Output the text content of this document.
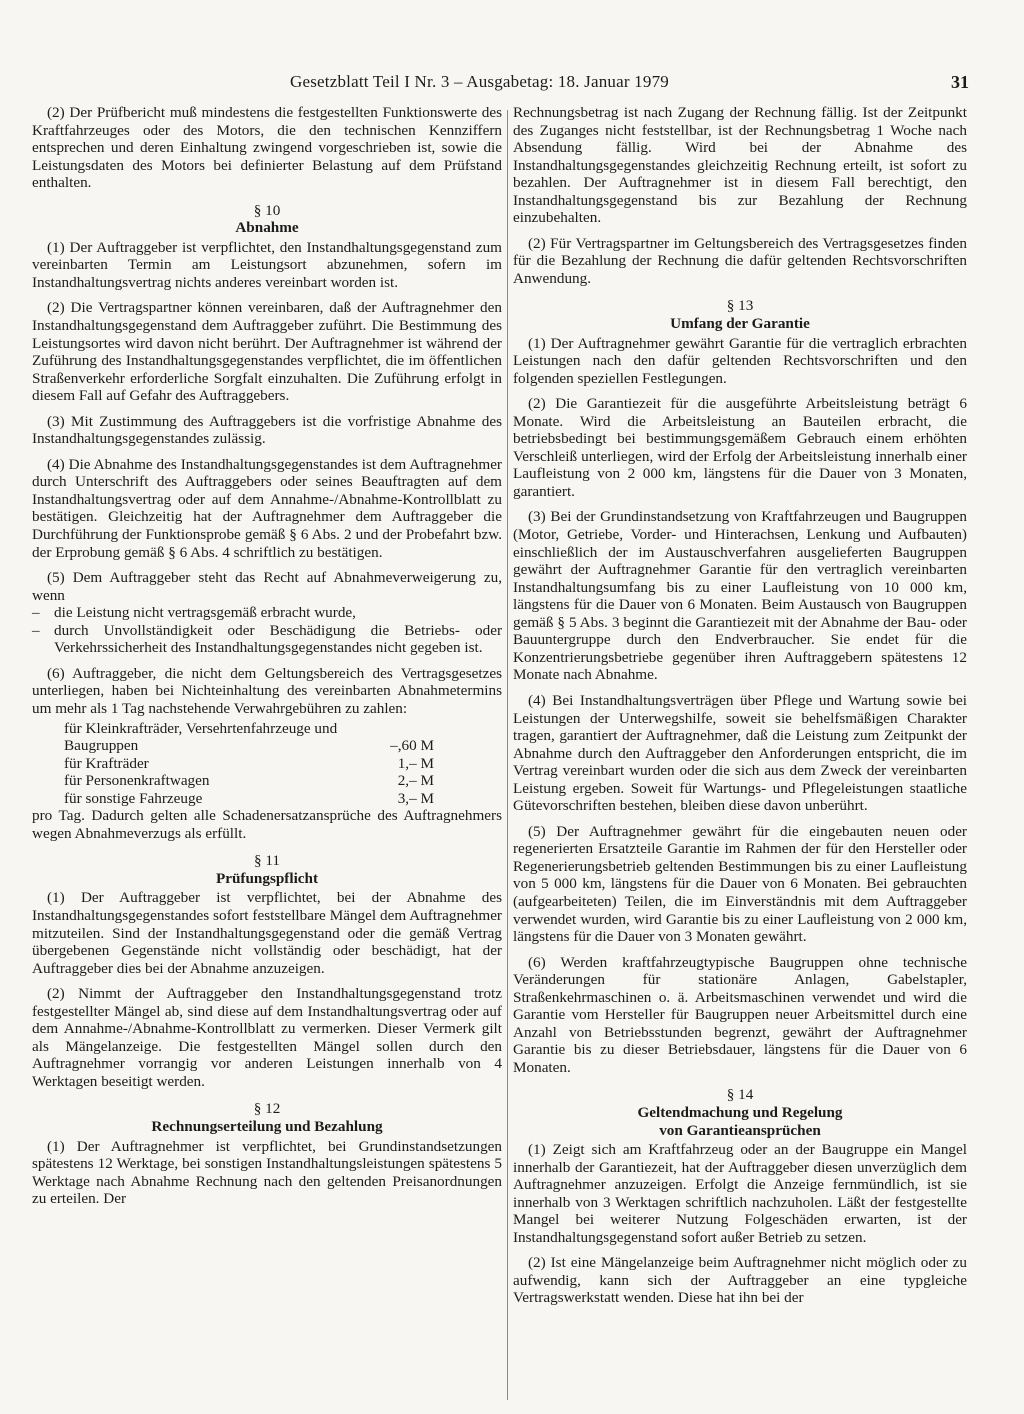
Gesetzblatt Teil I Nr. 3 – Ausgabetag: 18. Januar 1979	31

(2) Der Prüfbericht muß mindestens die festgestellten Funktionswerte des Kraftfahrzeuges oder des Motors, die den technischen Kennziffern entsprechen und deren Einhaltung zwingend vorgeschrieben ist, sowie die Leistungsdaten des Motors bei definierter Belastung auf dem Prüfstand enthalten.

§ 10
Abnahme

(1) Der Auftraggeber ist verpflichtet, den Instandhaltungsgegenstand zum vereinbarten Termin am Leistungsort abzunehmen, sofern im Instandhaltungsvertrag nichts anderes vereinbart worden ist.

(2) Die Vertragspartner können vereinbaren, daß der Auftragnehmer den Instandhaltungsgegenstand dem Auftraggeber zuführt. Die Bestimmung des Leistungsortes wird davon nicht berührt. Der Auftragnehmer ist während der Zuführung des Instandhaltungsgegenstandes verpflichtet, die im öffentlichen Straßenverkehr erforderliche Sorgfalt einzuhalten. Die Zuführung erfolgt in diesem Fall auf Gefahr des Auftraggebers.

(3) Mit Zustimmung des Auftraggebers ist die vorfristige Abnahme des Instandhaltungsgegenstandes zulässig.

(4) Die Abnahme des Instandhaltungsgegenstandes ist dem Auftragnehmer durch Unterschrift des Auftraggebers oder seines Beauftragten auf dem Instandhaltungsvertrag oder auf dem Annahme-/Abnahme-Kontrollblatt zu bestätigen. Gleichzeitig hat der Auftragnehmer dem Auftraggeber die Durchführung der Funktionsprobe gemäß § 6 Abs. 2 und der Probefahrt bzw. der Erprobung gemäß § 6 Abs. 4 schriftlich zu bestätigen.

(5) Dem Auftraggeber steht das Recht auf Abnahmeverweigerung zu, wenn

– die Leistung nicht vertragsgemäß erbracht wurde,
– durch Unvollständigkeit oder Beschädigung die Betriebs- oder Verkehrssicherheit des Instandhaltungsgegenstandes nicht gegeben ist.

(6) Auftraggeber, die nicht dem Geltungsbereich des Vertragsgesetzes unterliegen, haben bei Nichteinhaltung des vereinbarten Abnahmetermins um mehr als 1 Tag nachstehende Verwahrgebühren zu zahlen:

für Kleinkrafträder, Versehrtenfahrzeuge und Baugruppen	–,60 M
für Krafträder	1,– M
für Personenkraftwagen	2,– M
für sonstige Fahrzeuge	3,– M

pro Tag. Dadurch gelten alle Schadenersatzansprüche des Auftragnehmers wegen Abnahmeverzugs als erfüllt.

§ 11
Prüfungspflicht

(1) Der Auftraggeber ist verpflichtet, bei der Abnahme des Instandhaltungsgegenstandes sofort feststellbare Mängel dem Auftragnehmer mitzuteilen. Sind der Instandhaltungsgegenstand oder die gemäß Vertrag übergebenen Gegenstände nicht vollständig oder beschädigt, hat der Auftraggeber dies bei der Abnahme anzuzeigen.

(2) Nimmt der Auftraggeber den Instandhaltungsgegenstand trotz festgestellter Mängel ab, sind diese auf dem Instandhaltungsvertrag oder auf dem Annahme-/Abnahme-Kontrollblatt zu vermerken. Dieser Vermerk gilt als Mängelanzeige. Die festgestellten Mängel sollen durch den Auftragnehmer vorrangig vor anderen Leistungen innerhalb von 4 Werktagen beseitigt werden.

§ 12
Rechnungserteilung und Bezahlung

(1) Der Auftragnehmer ist verpflichtet, bei Grundinstandsetzungen spätestens 12 Werktage, bei sonstigen Instandhaltungsleistungen spätestens 5 Werktage nach Abnahme Rechnung nach den geltenden Preisanordnungen zu erteilen. Der

Rechnungsbetrag ist nach Zugang der Rechnung fällig. Ist der Zeitpunkt des Zuganges nicht feststellbar, ist der Rechnungsbetrag 1 Woche nach Absendung fällig. Wird bei der Abnahme des Instandhaltungsgegenstandes gleichzeitig Rechnung erteilt, ist sofort zu bezahlen. Der Auftragnehmer ist in diesem Fall berechtigt, den Instandhaltungsgegenstand bis zur Bezahlung der Rechnung einzubehalten.

(2) Für Vertragspartner im Geltungsbereich des Vertragsgesetzes finden für die Bezahlung der Rechnung die dafür geltenden Rechtsvorschriften Anwendung.

§ 13
Umfang der Garantie

(1) Der Auftragnehmer gewährt Garantie für die vertraglich erbrachten Leistungen nach den dafür geltenden Rechtsvorschriften und den folgenden speziellen Festlegungen.

(2) Die Garantiezeit für die ausgeführte Arbeitsleistung beträgt 6 Monate. Wird die Arbeitsleistung an Bauteilen erbracht, die betriebsbedingt bei bestimmungsgemäßem Gebrauch einem erhöhten Verschleiß unterliegen, wird der Erfolg der Arbeitsleistung innerhalb einer Laufleistung von 2 000 km, längstens für die Dauer von 3 Monaten, garantiert.

(3) Bei der Grundinstandsetzung von Kraftfahrzeugen und Baugruppen (Motor, Getriebe, Vorder- und Hinterachsen, Lenkung und Aufbauten) einschließlich der im Austauschverfahren ausgelieferten Baugruppen gewährt der Auftragnehmer Garantie für den vertraglich vereinbarten Instandhaltungsumfang bis zu einer Laufleistung von 10 000 km, längstens für die Dauer von 6 Monaten. Beim Austausch von Baugruppen gemäß § 5 Abs. 3 beginnt die Garantiezeit mit der Abnahme der Bau- oder Bauuntergruppe durch den Endverbraucher. Sie endet für die Konzentrierungsbetriebe gegenüber ihren Auftraggebern spätestens 12 Monate nach Abnahme.

(4) Bei Instandhaltungsverträgen über Pflege und Wartung sowie bei Leistungen der Unterwegshilfe, soweit sie behelfsmäßigen Charakter tragen, garantiert der Auftragnehmer, daß die Leistung zum Zeitpunkt der Abnahme durch den Auftraggeber den Anforderungen entspricht, die im Vertrag vereinbart wurden oder die sich aus dem Zweck der vereinbarten Leistung ergeben. Soweit für Wartungs- und Pflegeleistungen staatliche Gütevorschriften bestehen, bleiben diese davon unberührt.

(5) Der Auftragnehmer gewährt für die eingebauten neuen oder regenerierten Ersatzteile Garantie im Rahmen der für den Hersteller oder Regenerierungsbetrieb geltenden Bestimmungen bis zu einer Laufleistung von 5 000 km, längstens für die Dauer von 6 Monaten. Bei gebrauchten (aufgearbeiteten) Teilen, die im Einverständnis mit dem Auftraggeber verwendet wurden, wird Garantie bis zu einer Laufleistung von 2 000 km, längstens für die Dauer von 3 Monaten gewährt.

(6) Werden kraftfahrzeugtypische Baugruppen ohne technische Veränderungen für stationäre Anlagen, Gabelstapler, Straßenkehrmaschinen o. ä. Arbeitsmaschinen verwendet und wird die Garantie vom Hersteller für Baugruppen neuer Arbeitsmittel durch eine Anzahl von Betriebsstunden begrenzt, gewährt der Auftragnehmer Garantie bis zu dieser Betriebsdauer, längstens für die Dauer von 6 Monaten.

§ 14
Geltendmachung und Regelung
von Garantieansprüchen

(1) Zeigt sich am Kraftfahrzeug oder an der Baugruppe ein Mangel innerhalb der Garantiezeit, hat der Auftraggeber diesen unverzüglich dem Auftragnehmer anzuzeigen. Erfolgt die Anzeige fernmündlich, ist sie innerhalb von 3 Werktagen schriftlich nachzuholen. Läßt der festgestellte Mangel bei weiterer Nutzung Folgeschäden erwarten, ist der Instandhaltungsgegenstand sofort außer Betrieb zu setzen.

(2) Ist eine Mängelanzeige beim Auftragnehmer nicht möglich oder zu aufwendig, kann sich der Auftraggeber an eine typgleiche Vertragswerkstatt wenden. Diese hat ihn bei der
